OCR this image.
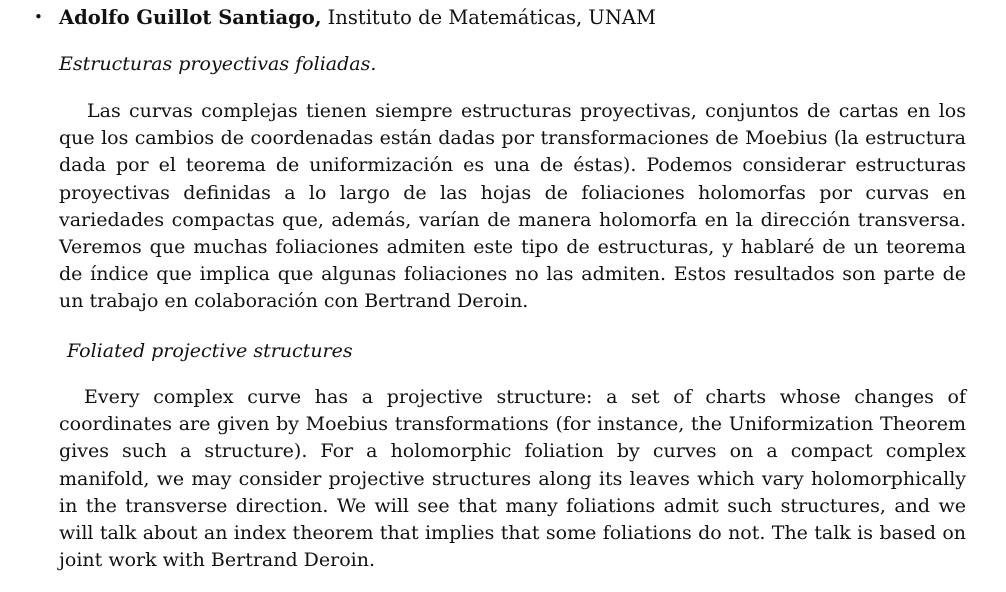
• Adolfo Guillot Santiago, Instituto de Matemáticas, UNAM
Estructuras proyectivas foliadas.

Las curvas complejas tienen siempre estructuras proyectivas, conjuntos de cartas en los que los cambios de coordenadas están dadas por transformaciones de Moebius (la estructura dada por el teorema de uniformización es una de éstas). Podemos considerar estructuras proyectivas definidas a lo largo de las hojas de foliaciones holomorfas por curvas en variedades compactas que, además, varían de manera holomorfa en la dirección transversa. Veremos que muchas foliaciones admiten este tipo de estructuras, y hablaré de un teorema de índice que implica que algunas foliaciones no las admiten. Estos resultados son parte de un trabajo en colaboración con Bertrand Deroin.

Foliated projective structures

Every complex curve has a projective structure: a set of charts whose changes of coordinates are given by Moebius transformations (for instance, the Uniformization Theorem gives such a structure). For a holomorphic foliation by curves on a compact complex manifold, we may consider projective structures along its leaves which vary holomorphically in the transverse direction. We will see that many foliations admit such structures, and we will talk about an index theorem that implies that some foliations do not. The talk is based on joint work with Bertrand Deroin.
